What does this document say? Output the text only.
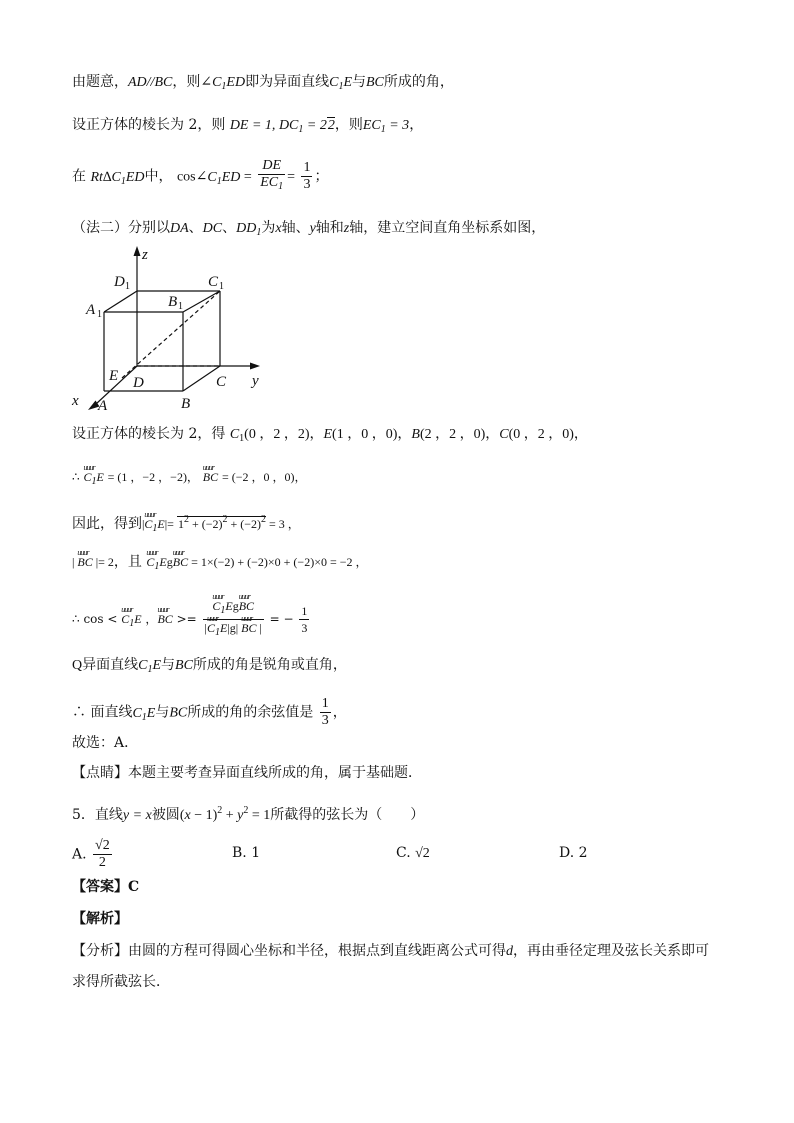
由题意，AD//BC，则$\angle C_1ED$即为异面直线$C_1E$与BC所成的角，
设正方体的棱长为 2，则 DE = 1, $DC_1 = 22$，则$EC_1 = 3$，
在 $Rt\Delta C_1ED$中， $\cos\angle C_1ED = \frac{DE}{EC_1} = \frac{1}{3}$ ；
（法二）分别以DA、DC、$DD_1$为x轴、y轴和z轴，建立空间直角坐标系如图，
z
y
x
D	C
A	B
E D	C
A	B
1	1
1
1
设正方体的棱长为 2，得 $C_1(0$ ，2 ，2)，E(1 ，0 ，0)，B(2 ，2 ，0)，C(0 ，2 ，0)，
∴
uuur
$C_1E = (1$ ，−2 ，−2)，
uuur
BC = (−2 ，0 ，0)，
因此，得到|
uuur
$C_1E|= 1^2 + (-2)^2 + (-2)^2 = 3$ ，
|
uuur
BC |= 2，且
uuur
$C_1Eg$
uuur
BC = 1×(−2) + (−2)×0 + (−2)×0 = −2 ，
∴ cos <
uuur
$C_1E$ ，
uuur
BC >= uuur
$C_1Eg$
uuur
BC
|
uuur
$C_1E|g|$
uuur
BC | = − $\frac{1}{3}$
Q异面直线$C_1E$与BC所成的角是锐角或直角，
∴ 面直线$C_1E$与BC所成的角的余弦值是 $\frac{1}{3}$ ，
故选：A．
【点睛】本题主要考查异面直线所成的角，属于基础题．
5．直线y = x被圆$(x - 1)^2 + y^2 = 1$所截得的弦长为（　　）
A. $\frac{√2}{2}$	B. 1	C. √2	D. 2
【答案】C
【解析】
【分析】由圆的方程可得圆心坐标和半径，根据点到直线距离公式可得d，再由垂径定理及弦长关系即可
求得所截弦长．
